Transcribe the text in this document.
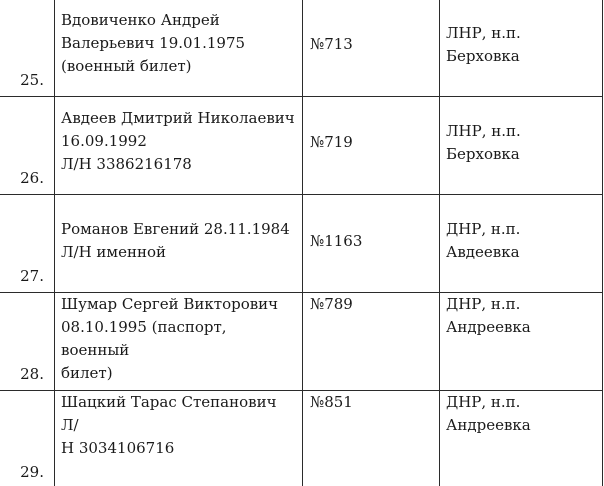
25.	Вдовиченко Андрей
Валерьевич 19.01.1975
(военный билет)	№713	ЛНР, н.п.
Берховка

26.	Авдеев Дмитрий Николаевич
16.09.1992
Л/Н 3386216178	№719	ЛНР, н.п.
Берховка

27.	Романов Евгений 28.11.1984
Л/Н именной	№1163	ДНР, н.п.
Авдеевка

28.	Шумар Сергей Викторович
08.10.1995 (паспорт, военный
билет)	№789	ДНР, н.п.
Андреевка

29.	Шацкий Тарас Степанович Л/
Н 3034106716	№851	ДНР, н.п.
Андреевка
